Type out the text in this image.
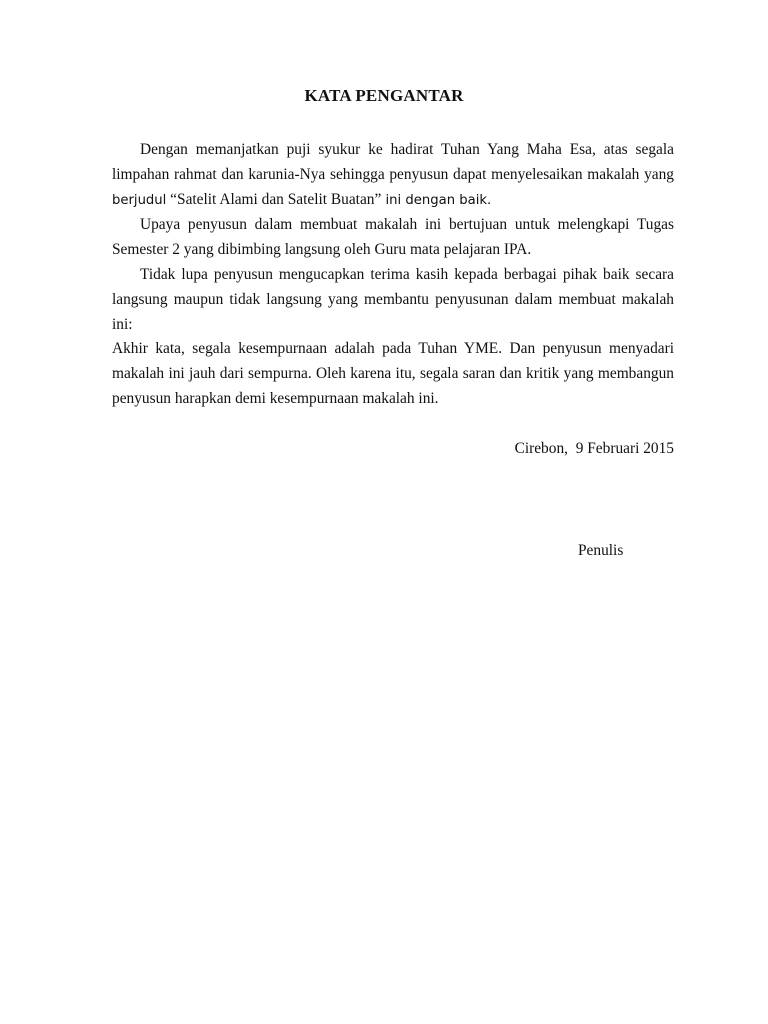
KATA PENGANTAR

Dengan memanjatkan puji syukur ke hadirat Tuhan Yang Maha Esa, atas segala limpahan rahmat dan karunia-Nya sehingga penyusun dapat menyelesaikan makalah yang berjudul “Satelit Alami dan Satelit Buatan” ini dengan baik.

Upaya penyusun dalam membuat makalah ini bertujuan untuk melengkapi Tugas Semester 2 yang dibimbing langsung oleh Guru mata pelajaran IPA.

Tidak lupa penyusun mengucapkan terima kasih kepada berbagai pihak baik secara langsung maupun tidak langsung yang membantu penyusunan dalam membuat makalah ini:

Akhir kata, segala kesempurnaan adalah pada Tuhan YME. Dan penyusun menyadari makalah ini jauh dari sempurna. Oleh karena itu, segala saran dan kritik yang membangun penyusun harapkan demi kesempurnaan makalah ini.

Cirebon,  9 Februari 2015
Penulis
